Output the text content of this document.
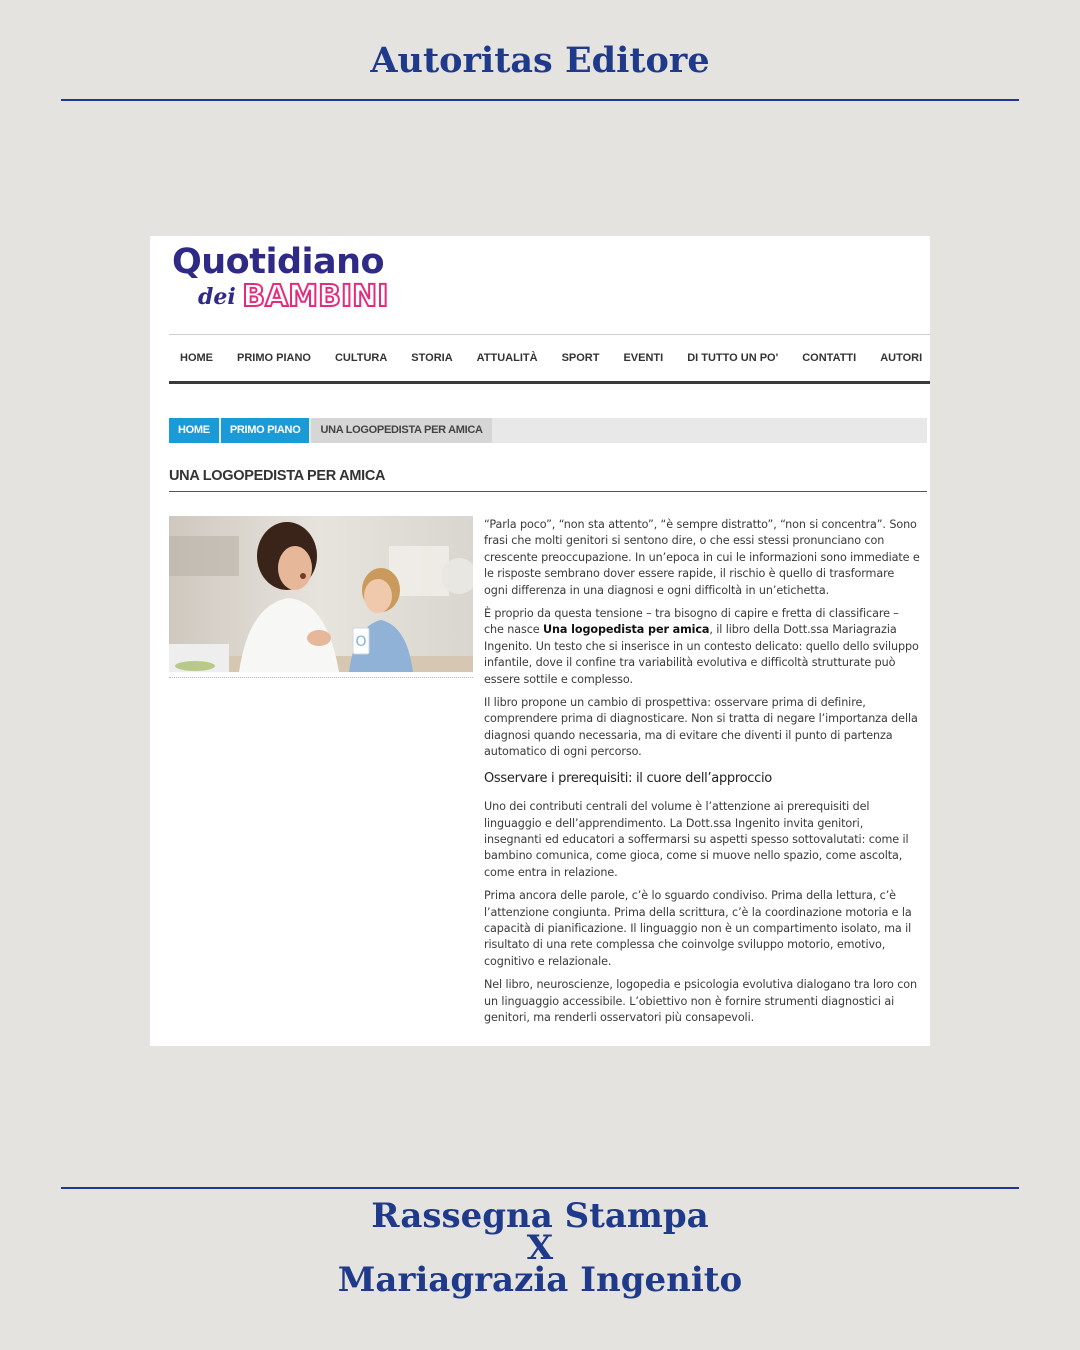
Autoritas Editore
Quotidiano
dei BAMBINI
HOME PRIMO PIANO CULTURA STORIA ATTUALITÀ SPORT EVENTI DI TUTTO UN PO' CONTATTI AUTORI
HOME	PRIMO PIANO	UNA LOGOPEDISTA PER AMICA
UNA LOGOPEDISTA PER AMICA
O

“Parla poco”, “non sta attento”, “è sempre distratto”, “non si concentra”. Sono frasi che molti genitori si sentono dire, o che essi stessi pronunciano con crescente preoccupazione. In un’epoca in cui le informazioni sono immediate e le risposte sembrano dover essere rapide, il rischio è quello di trasformare ogni differenza in una diagnosi e ogni difficoltà in un’etichetta.

È proprio da questa tensione – tra bisogno di capire e fretta di classificare – che nasce Una logopedista per amica, il libro della Dott.ssa Mariagrazia Ingenito. Un testo che si inserisce in un contesto delicato: quello dello sviluppo infantile, dove il confine tra variabilità evolutiva e difficoltà strutturate può essere sottile e complesso.

Il libro propone un cambio di prospettiva: osservare prima di definire, comprendere prima di diagnosticare. Non si tratta di negare l’importanza della diagnosi quando necessaria, ma di evitare che diventi il punto di partenza automatico di ogni percorso.

Osservare i prerequisiti: il cuore dell’approccio

Uno dei contributi centrali del volume è l’attenzione ai prerequisiti del linguaggio e dell’apprendimento. La Dott.ssa Ingenito invita genitori, insegnanti ed educatori a soffermarsi su aspetti spesso sottovalutati: come il bambino comunica, come gioca, come si muove nello spazio, come ascolta, come entra in relazione.

Prima ancora delle parole, c’è lo sguardo condiviso. Prima della lettura, c’è l’attenzione congiunta. Prima della scrittura, c’è la coordinazione motoria e la capacità di pianificazione. Il linguaggio non è un compartimento isolato, ma il risultato di una rete complessa che coinvolge sviluppo motorio, emotivo, cognitivo e relazionale.

Nel libro, neuroscienze, logopedia e psicologia evolutiva dialogano tra loro con un linguaggio accessibile. L’obiettivo non è fornire strumenti diagnostici ai genitori, ma renderli osservatori più consapevoli.

Rassegna Stampa
X
Mariagrazia Ingenito
